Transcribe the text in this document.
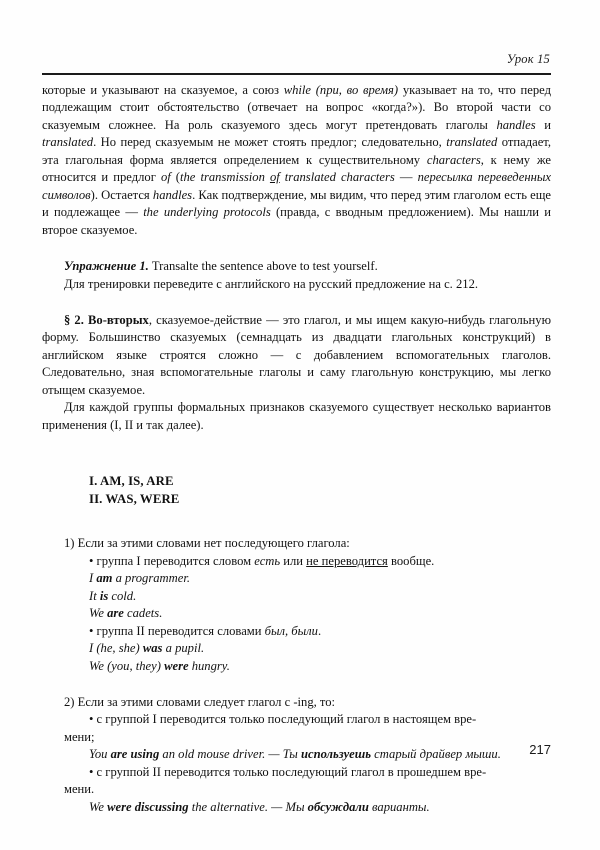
Урок 15

которые и указывают на сказуемое, а союз while (при, во время) указывает на то, что перед подлежащим стоит обстоятельство (отвечает на вопрос «когда?»). Во второй части со сказуемым сложнее. На роль сказуемого здесь могут претендовать глаголы handles и translated. Но перед сказуемым не может стоять предлог; следовательно, translated отпадает, эта глагольная форма является определением к существительному characters, к нему же относится и предлог of (the transmission of translated characters — пересылка переведенных символов). Остается handles. Как подтверждение, мы видим, что перед этим глаголом есть еще и подлежащее — the underlying protocols (правда, с вводным предложением). Мы нашли и второе сказуемое.

Упражнение 1. Transalte the sentence above to test yourself.

Для тренировки переведите с английского на русский предложение на с. 212.

§ 2. Во-вторых, сказуемое-действие — это глагол, и мы ищем какую-нибудь глагольную форму. Большинство сказуемых (семнадцать из двадцати глагольных конструкций) в английском языке строятся сложно — с добавлением вспомогательных глаголов. Следовательно, зная вспомогательные глаголы и саму глагольную конструкцию, мы легко отыщем сказуемое.

Для каждой группы формальных признаков сказуемого существует несколько вариантов применения (I, II и так далее).

I. AM, IS, ARE

II. WAS, WERE

1) Если за этими словами нет последующего глагола:

• группа I переводится словом есть или не переводится вообще.

I am a programmer.

It is cold.

We are cadets.

• группа II переводится словами был, были.

I (he, she) was a pupil.

We (you, they) were hungry.

2) Если за этими словами следует глагол с -ing, то:

• с группой I переводится только последующий глагол в настоящем вре-

мени;

You are using an old mouse driver. — Ты используешь старый драйвер мыши.

• с группой II переводится только последующий глагол в прошедшем вре-

мени.

We were discussing the alternative. — Мы обсуждали варианты.

217
